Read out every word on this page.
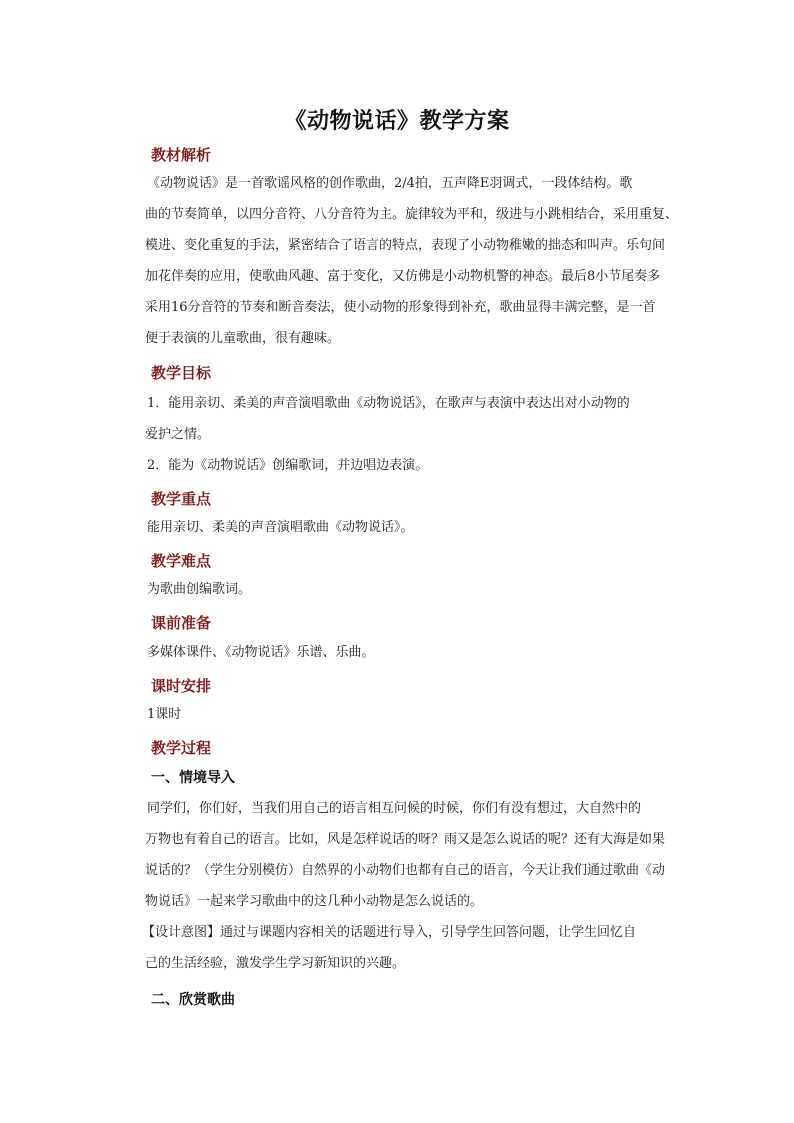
《动物说话》教学方案
教材解析
《动物说话》是一首歌谣风格的创作歌曲，2/4拍，五声降E羽调式，一段体结构。歌
曲的节奏简单，以四分音符、八分音符为主。旋律较为平和，级进与小跳相结合，采用重复、
模进、变化重复的手法，紧密结合了语言的特点，表现了小动物稚嫩的拙态和叫声。乐句间
加花伴奏的应用，使歌曲风趣、富于变化，又仿佛是小动物机警的神态。最后8小节尾奏多
采用16分音符的节奏和断音奏法，使小动物的形象得到补充，歌曲显得丰满完整，是一首
便于表演的儿童歌曲，很有趣味。
教学目标
1．能用亲切、柔美的声音演唱歌曲《动物说话》，在歌声与表演中表达出对小动物的
爱护之情。
2．能为《动物说话》创编歌词，并边唱边表演。
教学重点
能用亲切、柔美的声音演唱歌曲《动物说话》。
教学难点
为歌曲创编歌词。
课前准备
多媒体课件、《动物说话》乐谱、乐曲。
课时安排
1课时
教学过程
一、情境导入
同学们，你们好，当我们用自己的语言相互问候的时候，你们有没有想过，大自然中的
万物也有着自己的语言。比如，风是怎样说话的呀？雨又是怎么说话的呢？还有大海是如果
说话的？（学生分别模仿）自然界的小动物们也都有自己的语言，今天让我们通过歌曲《动
物说话》一起来学习歌曲中的这几种小动物是怎么说话的。
【设计意图】通过与课题内容相关的话题进行导入，引导学生回答问题，让学生回忆自
己的生活经验，激发学生学习新知识的兴趣。
二、欣赏歌曲
